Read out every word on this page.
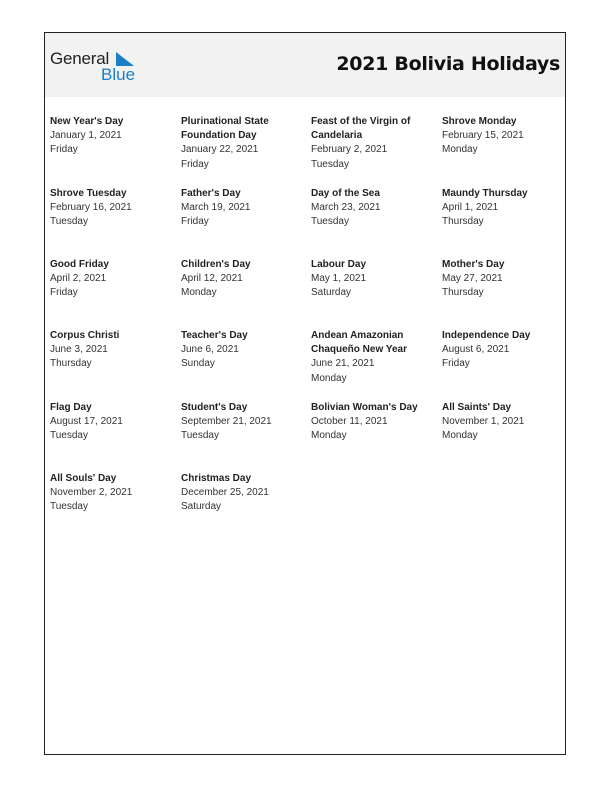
General
Blue	2021 Bolivia Holidays
New Year's Day
January 1, 2021
Friday
Plurinational State Foundation Day
January 22, 2021
Friday
Feast of the Virgin of Candelaria
February 2, 2021
Tuesday
Shrove Monday
February 15, 2021
Monday
Shrove Tuesday
February 16, 2021
Tuesday
Father's Day
March 19, 2021
Friday
Day of the Sea
March 23, 2021
Tuesday
Maundy Thursday
April 1, 2021
Thursday
Good Friday
April 2, 2021
Friday
Children's Day
April 12, 2021
Monday
Labour Day
May 1, 2021
Saturday
Mother's Day
May 27, 2021
Thursday
Corpus Christi
June 3, 2021
Thursday
Teacher's Day
June 6, 2021
Sunday
Andean Amazonian Chaqueño New Year
June 21, 2021
Monday
Independence Day
August 6, 2021
Friday
Flag Day
August 17, 2021
Tuesday
Student's Day
September 21, 2021
Tuesday
Bolivian Woman's Day
October 11, 2021
Monday
All Saints' Day
November 1, 2021
Monday
All Souls' Day
November 2, 2021
Tuesday
Christmas Day
December 25, 2021
Saturday
